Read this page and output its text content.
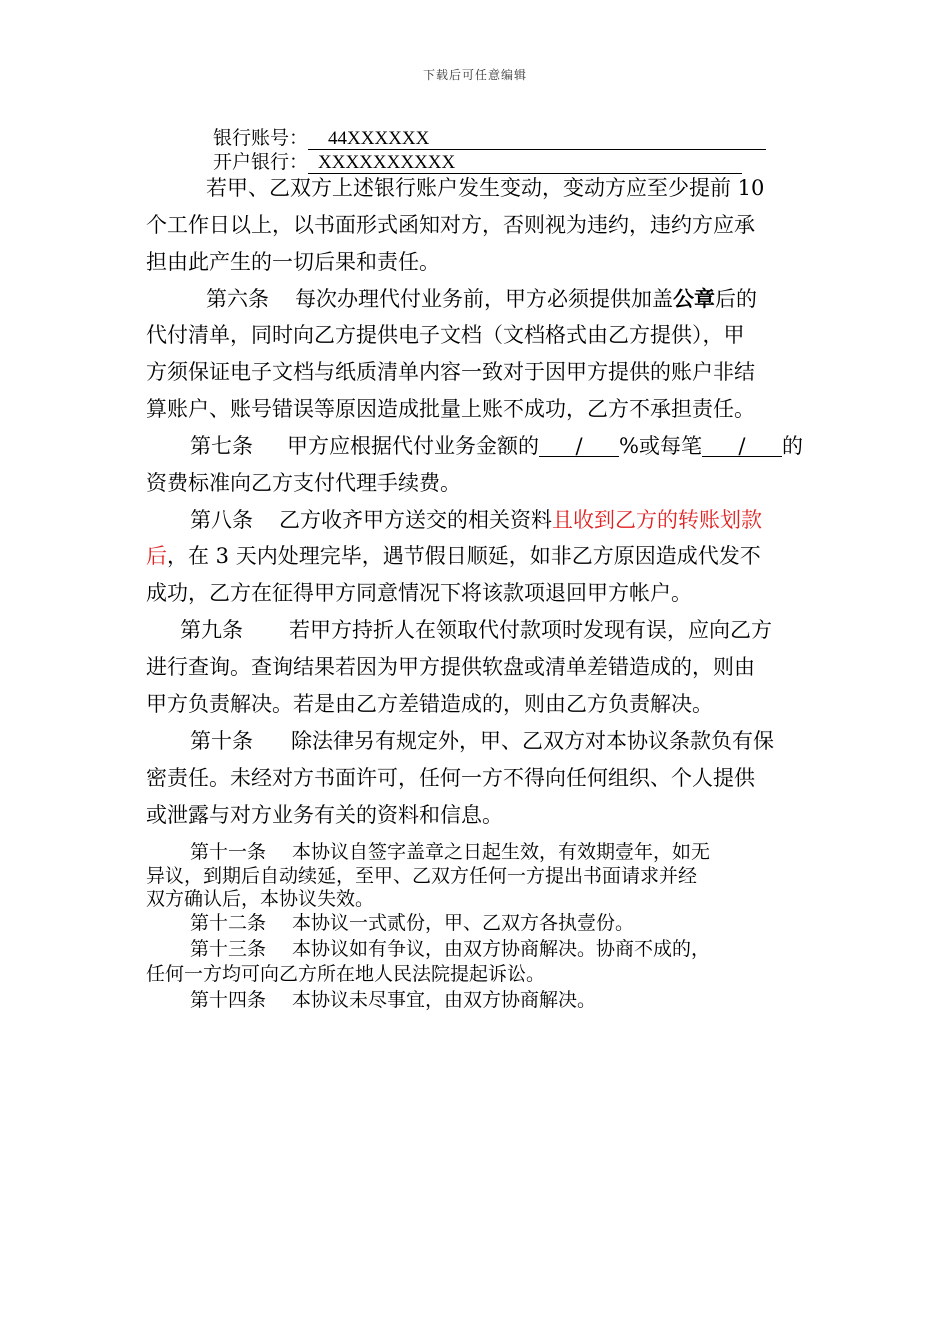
下载后可任意编辑
银行账号： 44XXXXXX
开户银行： XXXXXXXXXX
若甲、乙双方上述银行账户发生变动，变动方应至少提前 10
个工作日以上，以书面形式函知对方，否则视为违约，违约方应承
担由此产生的一切后果和责任。
第六条 每次办理代付业务前，甲方必须提供加盖公章后的
代付清单，同时向乙方提供电子文档（文档格式由乙方提供），甲
方须保证电子文档与纸质清单内容一致对于因甲方提供的账户非结
算账户、账号错误等原因造成批量上账不成功，乙方不承担责任。
第七条 甲方应根据代付业务金额的 / %或每笔 / 的
资费标准向乙方支付代理手续费。
第八条 乙方收齐甲方送交的相关资料且收到乙方的转账划款
后，在 3 天内处理完毕，遇节假日顺延，如非乙方原因造成代发不
成功，乙方在征得甲方同意情况下将该款项退回甲方帐户。
第九条 若甲方持折人在领取代付款项时发现有误，应向乙方
进行查询。查询结果若因为甲方提供软盘或清单差错造成的，则由
甲方负责解决。若是由乙方差错造成的，则由乙方负责解决。
第十条 除法律另有规定外，甲、乙双方对本协议条款负有保
密责任。未经对方书面许可，任何一方不得向任何组织、个人提供
或泄露与对方业务有关的资料和信息。
第十一条 本协议自签字盖章之日起生效，有效期壹年，如无
异议，到期后自动续延，至甲、乙双方任何一方提出书面请求并经
双方确认后，本协议失效。
第十二条 本协议一式贰份，甲、乙双方各执壹份。
第十三条 本协议如有争议，由双方协商解决。协商不成的，
任何一方均可向乙方所在地人民法院提起诉讼。
第十四条 本协议未尽事宜，由双方协商解决。
